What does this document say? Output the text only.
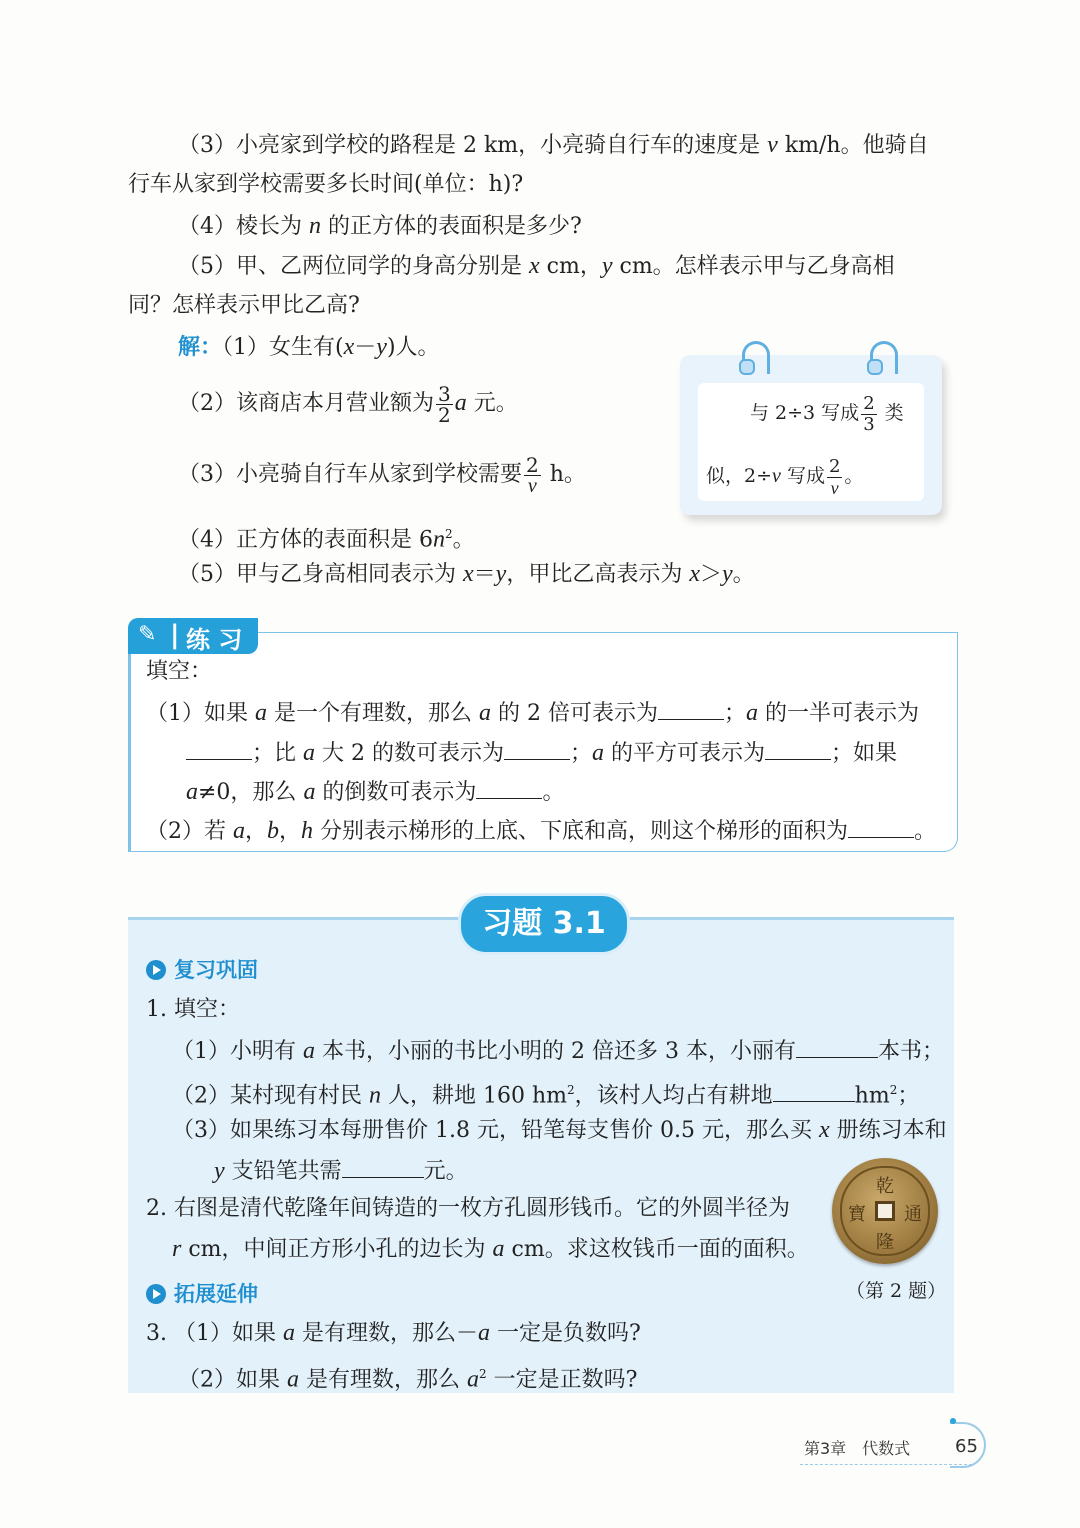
（3）小亮家到学校的路程是 2 km，小亮骑自行车的速度是 v km/h。他骑自
行车从家到学校需要多长时间(单位：h)?
（4）棱长为 n 的正方体的表面积是多少?
（5）甲、乙两位同学的身高分别是 x cm，y cm。怎样表示甲与乙身高相
同？怎样表示甲比乙高?
解：（1）女生有(x－y)人。
（2）该商店本月营业额为 $\frac{3}{2}$ a 元。
（3）小亮骑自行车从家到学校需要 $\frac{2}{v}$ h。
（4）正方体的表面积是 $6n^2$。
（5）甲与乙身高相同表示为 x＝y，甲比乙高表示为 x＞y。
与 2÷3 写成 $\frac{2}{3}$ 类
似，2÷v 写成 $\frac{2}{v}$ 。
✎ | 练 习
填空：
（1）如果 a 是一个有理数，那么 a 的 2 倍可表示为	；a 的一半可表示为
；比 a 大 2 的数可表示为	；a 的平方可表示为	；如果
a≠0，那么 a 的倒数可表示为	。
（2）若 a，b，h 分别表示梯形的上底、下底和高，则这个梯形的面积为	。
习题 3.1
复习巩固
1. 填空：
（1）小明有 a 本书，小丽的书比小明的 2 倍还多 3 本，小丽有	本书；
（2）某村现有村民 n 人，耕地 160 $hm^2$，该村人均占有耕地	$hm^2$；
（3）如果练习本每册售价 1.8 元，铅笔每支售价 0.5 元，那么买 x 册练习本和
y 支铅笔共需	元。
2. 右图是清代乾隆年间铸造的一枚方孔圆形钱币。它的外圆半径为
r cm，中间正方形小孔的边长为 a cm。求这枚钱币一面的面积。
乾
隆
通
寶
（第 2 题）
拓展延伸
3. （1）如果 a 是有理数，那么－a 一定是负数吗?
（2）如果 a 是有理数，那么 $a^2$ 一定是正数吗?
第3章　代数式 65
